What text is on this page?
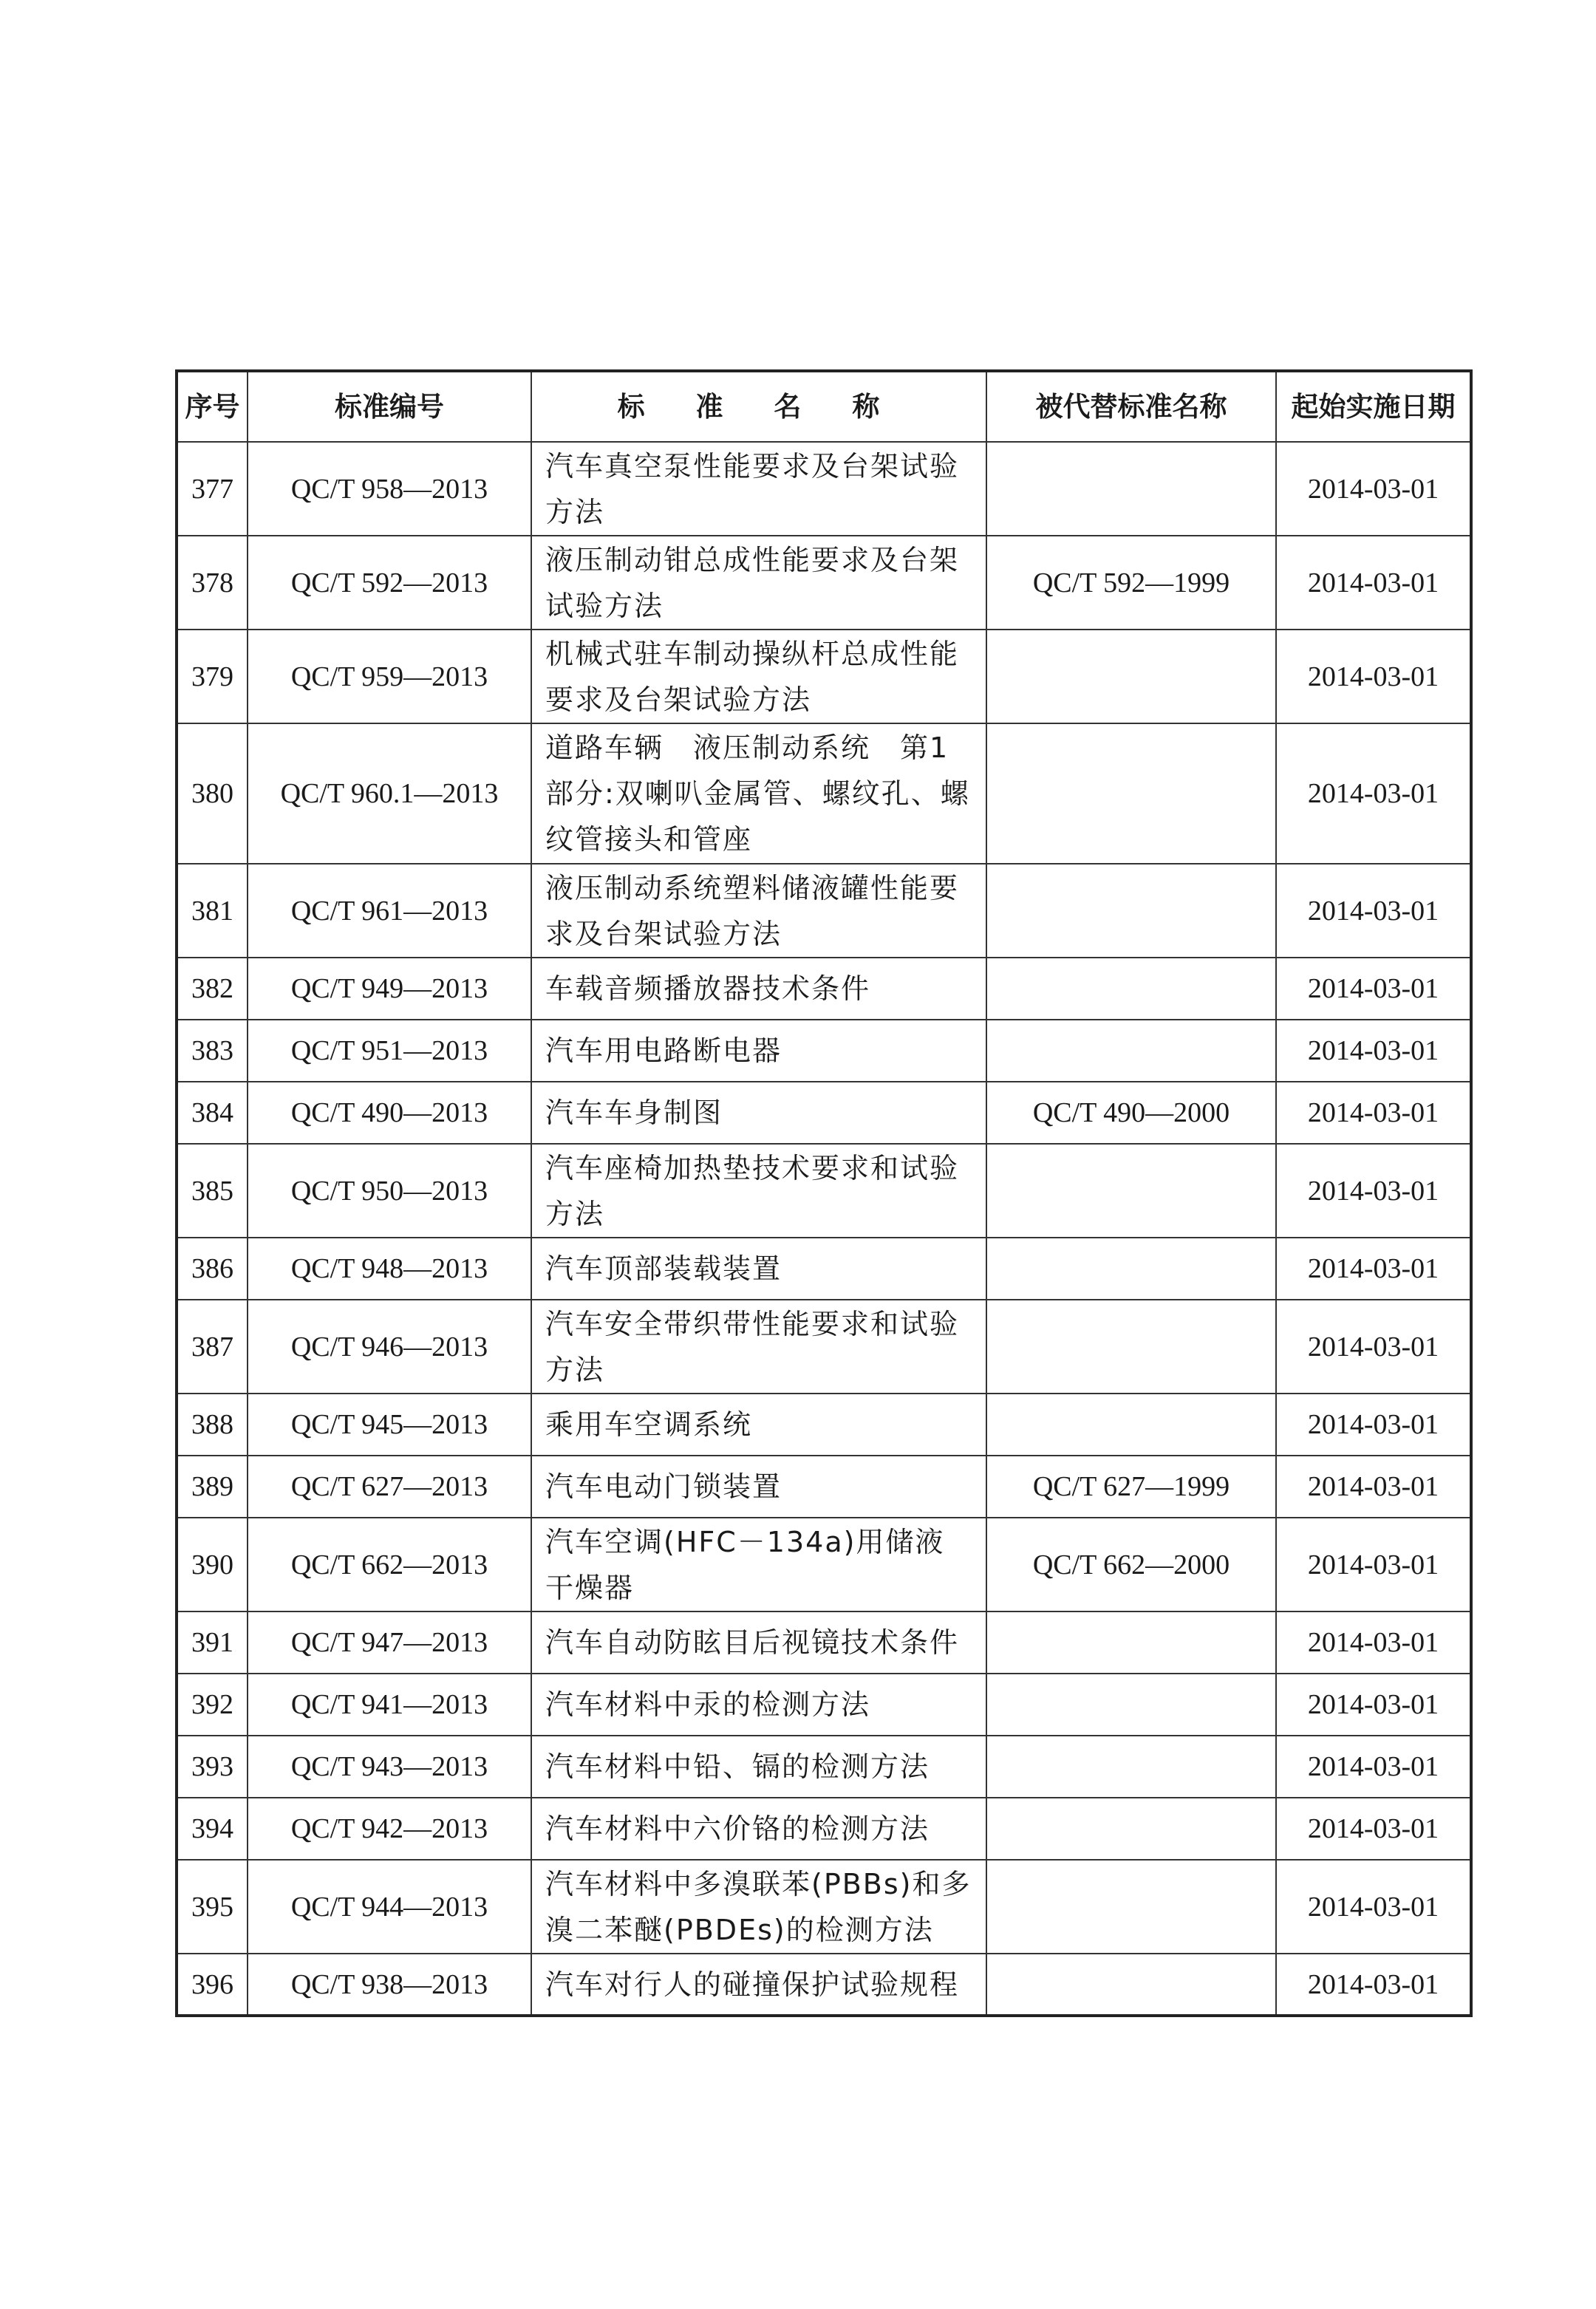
序号	标准编号	标 准 名 称	被代替标准名称	起始实施日期
377	QC/T 958—2013	汽车真空泵性能要求及台架试验方法		2014-03-01
378	QC/T 592—2013	液压制动钳总成性能要求及台架试验方法	QC/T 592—1999	2014-03-01
379	QC/T 959—2013	机械式驻车制动操纵杆总成性能要求及台架试验方法		2014-03-01
380	QC/T 960.1—2013	道路车辆　液压制动系统　第1部分:双喇叭金属管、螺纹孔、螺纹管接头和管座		2014-03-01
381	QC/T 961—2013	液压制动系统塑料储液罐性能要求及台架试验方法		2014-03-01
382	QC/T 949—2013	车载音频播放器技术条件		2014-03-01
383	QC/T 951—2013	汽车用电路断电器		2014-03-01
384	QC/T 490—2013	汽车车身制图	QC/T 490—2000	2014-03-01
385	QC/T 950—2013	汽车座椅加热垫技术要求和试验方法		2014-03-01
386	QC/T 948—2013	汽车顶部装载装置		2014-03-01
387	QC/T 946—2013	汽车安全带织带性能要求和试验方法		2014-03-01
388	QC/T 945—2013	乘用车空调系统		2014-03-01
389	QC/T 627—2013	汽车电动门锁装置	QC/T 627—1999	2014-03-01
390	QC/T 662—2013	汽车空调(HFC－134a)用储液干燥器	QC/T 662—2000	2014-03-01
391	QC/T 947—2013	汽车自动防眩目后视镜技术条件		2014-03-01
392	QC/T 941—2013	汽车材料中汞的检测方法		2014-03-01
393	QC/T 943—2013	汽车材料中铅、镉的检测方法		2014-03-01
394	QC/T 942—2013	汽车材料中六价铬的检测方法		2014-03-01
395	QC/T 944—2013	汽车材料中多溴联苯(PBBs)和多溴二苯醚(PBDEs)的检测方法		2014-03-01
396	QC/T 938—2013	汽车对行人的碰撞保护试验规程		2014-03-01
